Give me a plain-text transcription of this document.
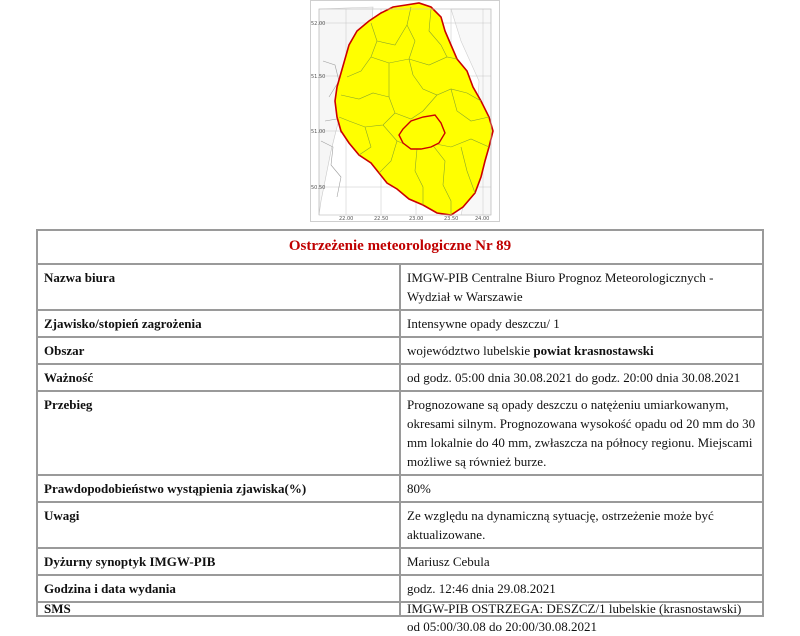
52.00
51.50
51.00
50.50
22.00	22.50	23.00	23.50	24.00
Ostrzeżenie meteorologiczne Nr 89	
Nazwa biura	IMGW-PIB Centralne Biuro Prognoz Meteorologicznych - Wydział w Warszawie
Zjawisko/stopień zagrożenia	Intensywne opady deszczu/ 1
Obszar	województwo lubelskie powiat krasnostawski
Ważność	od godz. 05:00 dnia 30.08.2021 do godz. 20:00 dnia 30.08.2021
Przebieg	Prognozowane są opady deszczu o natężeniu umiarkowanym, okresami silnym. Prognozowana wysokość opadu od 20 mm do 30 mm lokalnie do 40 mm, zwłaszcza na północy regionu. Miejscami możliwe są również burze.
Prawdopodobieństwo wystąpienia zjawiska(%)	80%
Uwagi	Ze względu na dynamiczną sytuację, ostrzeżenie może być aktualizowane.
Dyżurny synoptyk IMGW-PIB	Mariusz Cebula
Godzina i data wydania	godz. 12:46 dnia 29.08.2021

SMS	IMGW-PIB OSTRZEGA: DESZCZ/1 lubelskie (krasnostawski) od 05:00/30.08 do 20:00/30.08.2021
